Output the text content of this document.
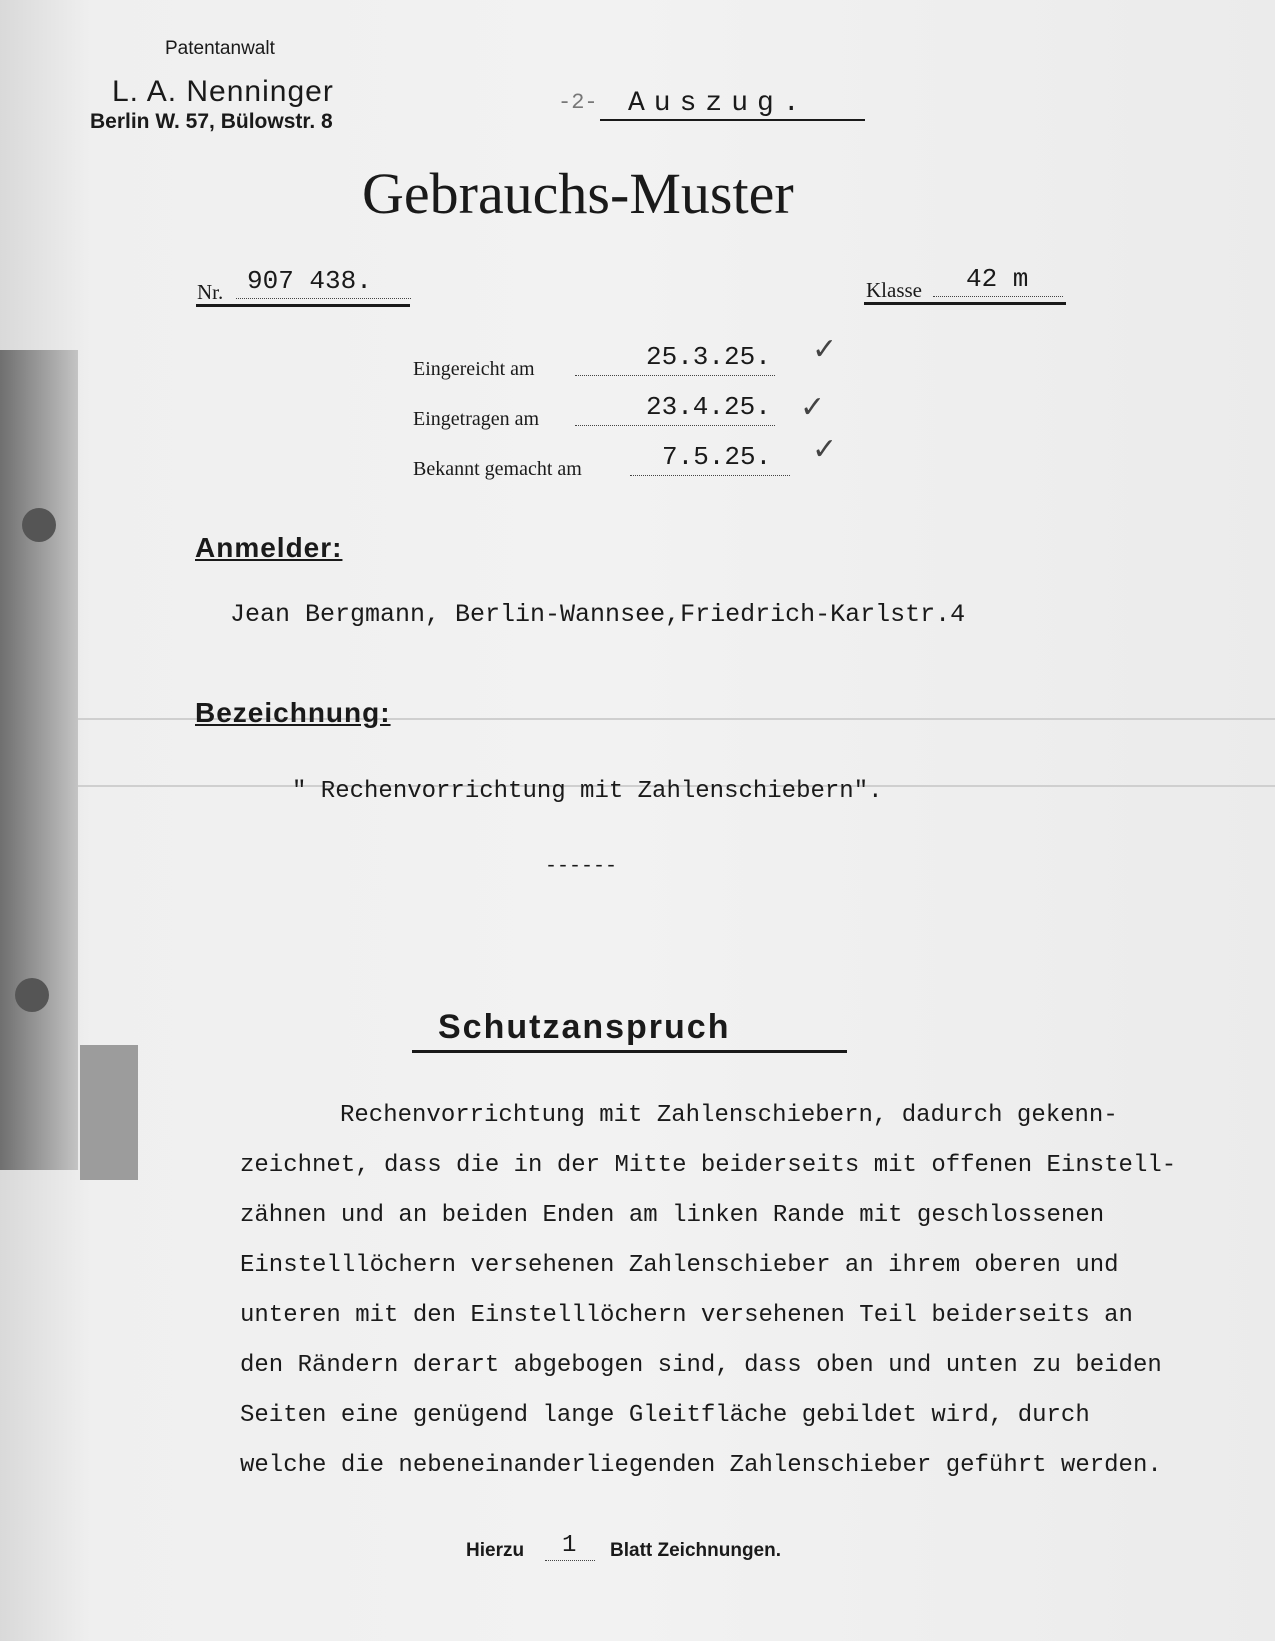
Patentanwalt
L. A. Nenninger
Berlin W. 57, Bülowstr. 8
-2- Auszug.
Gebrauchs-Muster
Nr. 907 438.	Klasse 42 m
Eingereicht am	25.3.25. ✓
Eingetragen am	23.4.25. ✓
Bekannt gemacht am	7.5.25. ✓
Anmelder:
Jean Bergmann, Berlin-Wannsee,Friedrich-Karlstr.4
Bezeichnung:
" Rechenvorrichtung mit Zahlenschiebern".
------
Schutzanspruch
Rechenvorrichtung mit Zahlenschiebern, dadurch gekenn-
zeichnet, dass die in der Mitte beiderseits mit offenen Einstell-
zähnen und an beiden Enden am linken Rande mit geschlossenen
Einstelllöchern versehenen Zahlenschieber an ihrem oberen und
unteren mit den Einstelllöchern versehenen Teil beiderseits an
den Rändern derart abgebogen sind, dass oben und unten zu beiden
Seiten eine genügend lange Gleitfläche gebildet wird, durch
welche die nebeneinanderliegenden Zahlenschieber geführt werden.
Hierzu 1 Blatt Zeichnungen.
